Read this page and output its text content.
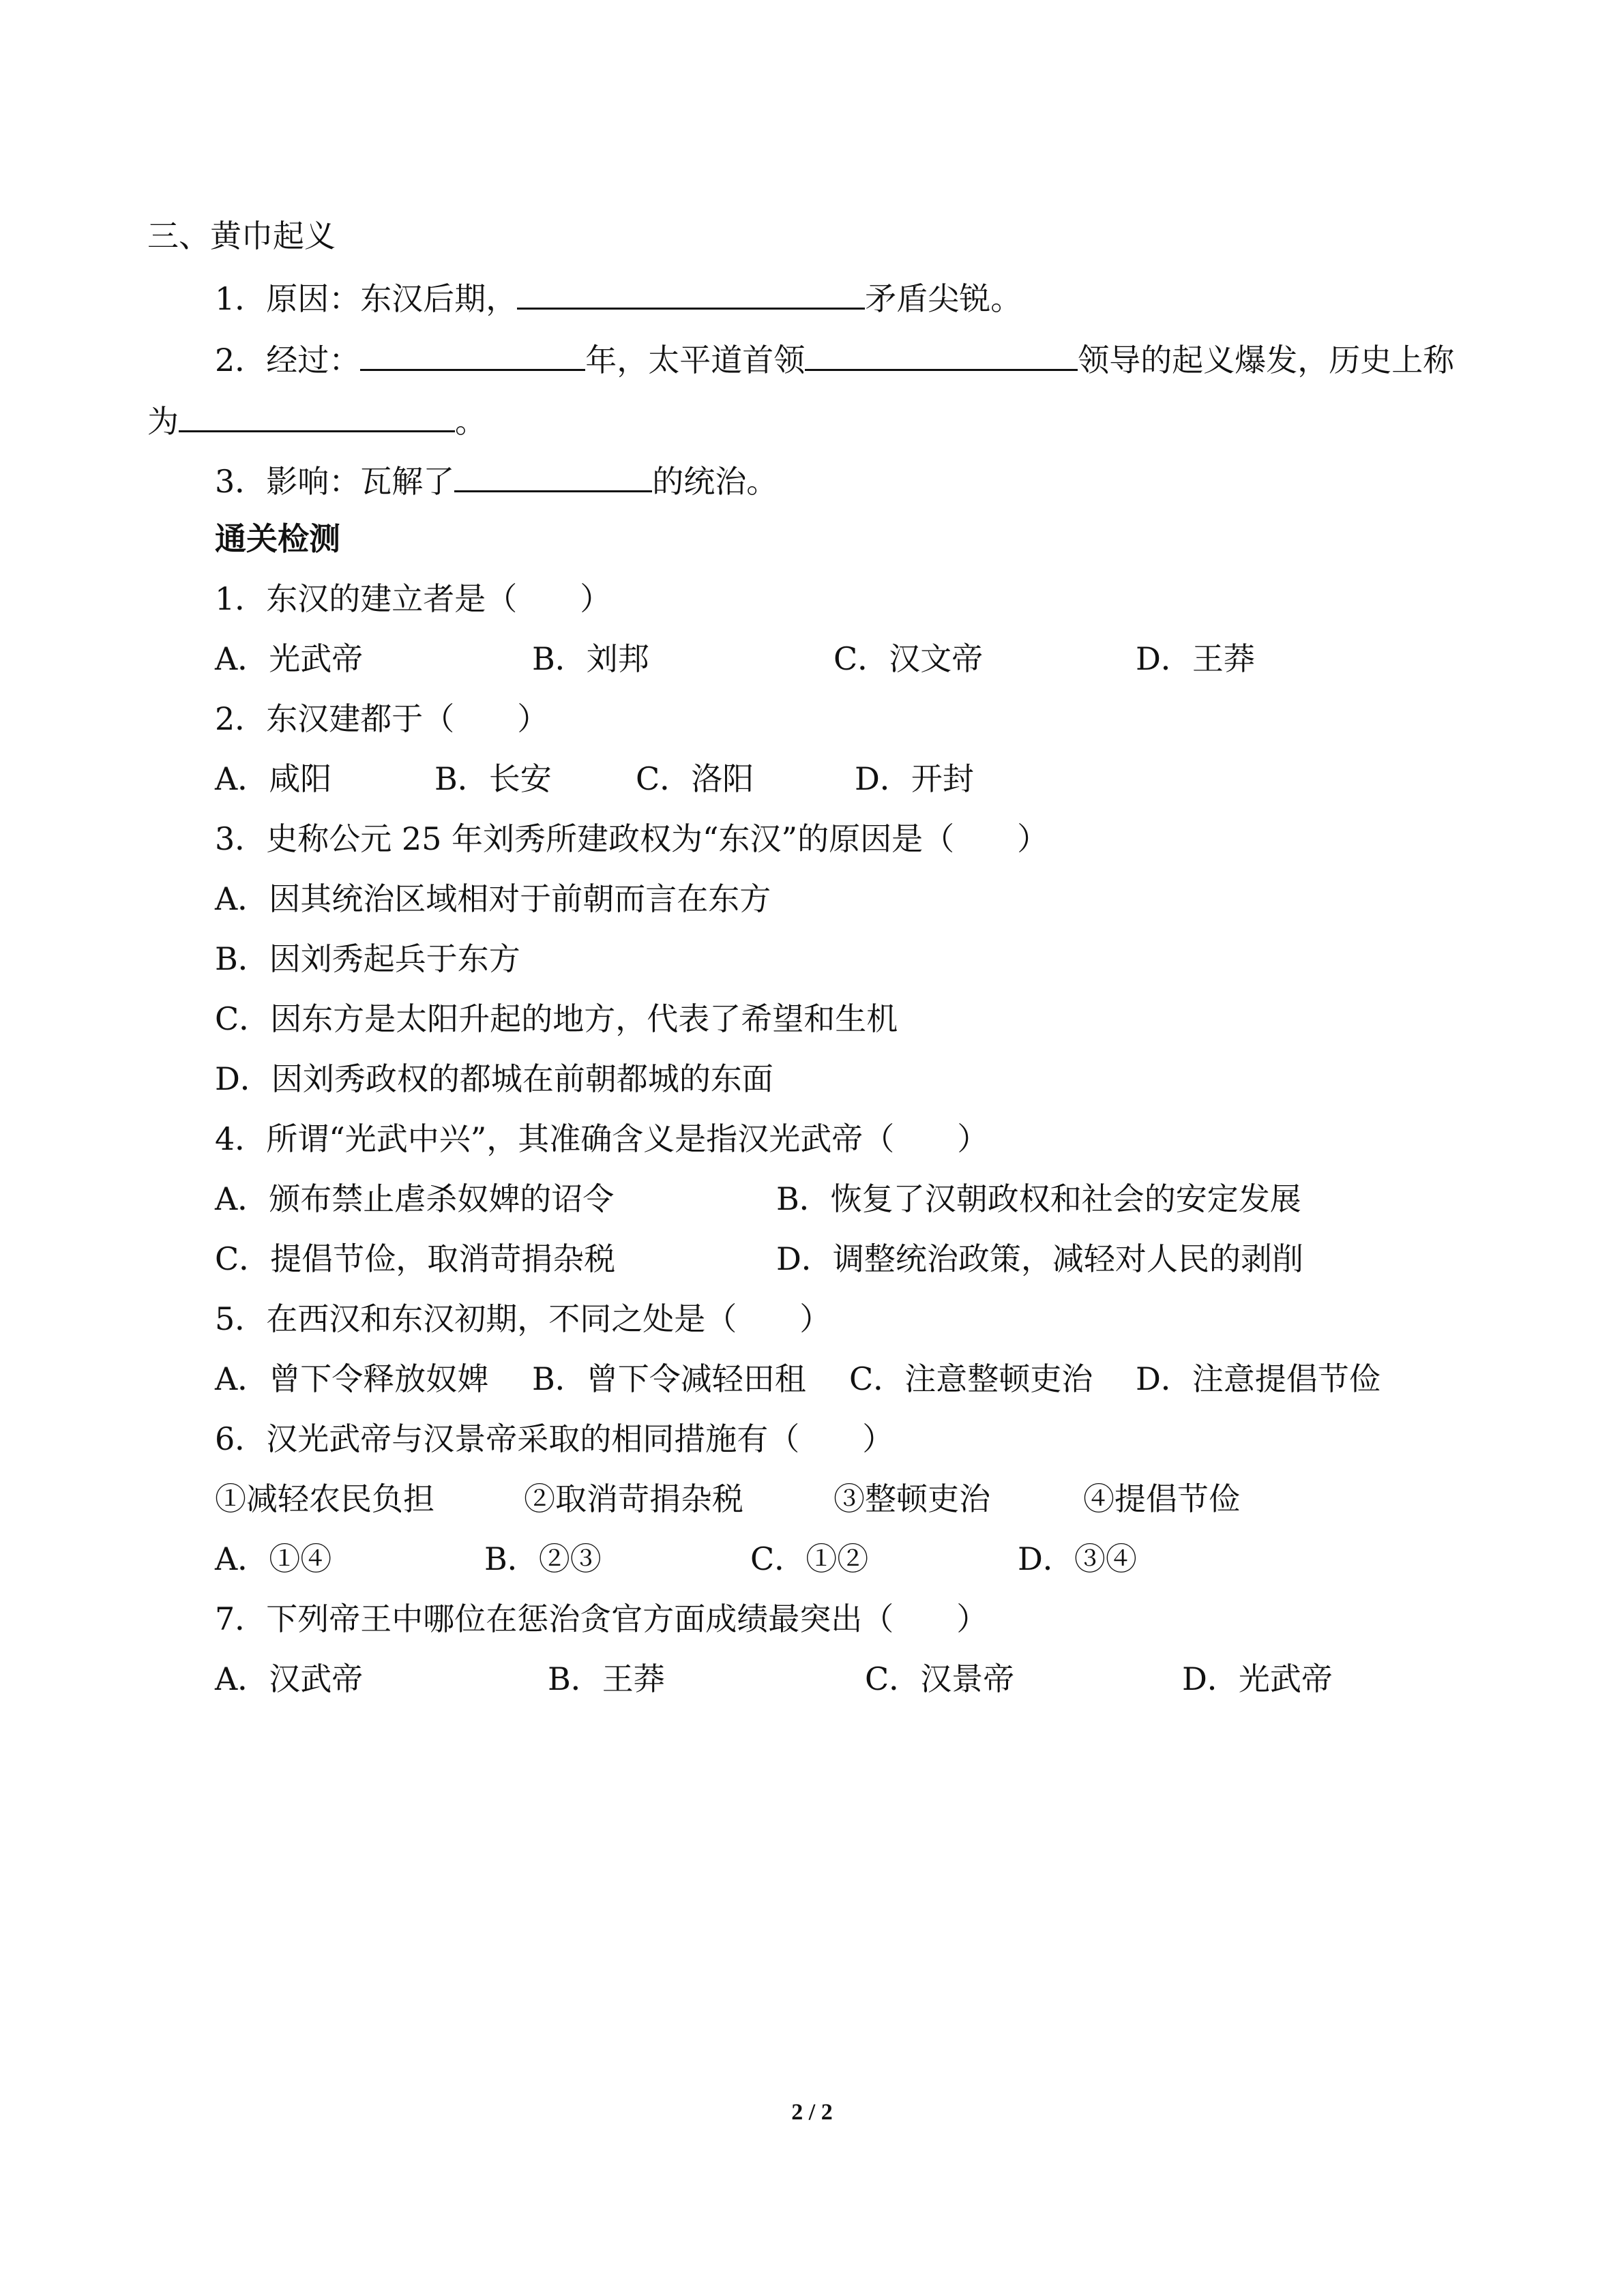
三、黄巾起义
1．原因：东汉后期，	矛盾尖锐。
2．经过：	年，太平道首领	领导的起义爆发，历史上称
为	。
3．影响：瓦解了	的统治。
通关检测
1．东汉的建立者是（　　）
A．光武帝	B．刘邦	C．汉文帝	D．王莽
2．东汉建都于（　　）
A．咸阳	B．长安	C．洛阳	D．开封
3．史称公元 25 年刘秀所建政权为“东汉”的原因是（　　）
A．因其统治区域相对于前朝而言在东方
B．因刘秀起兵于东方
C．因东方是太阳升起的地方，代表了希望和生机
D．因刘秀政权的都城在前朝都城的东面
4．所谓“光武中兴”，其准确含义是指汉光武帝（　　）
A．颁布禁止虐杀奴婢的诏令	B．恢复了汉朝政权和社会的安定发展
C．提倡节俭，取消苛捐杂税	D．调整统治政策，减轻对人民的剥削
5．在西汉和东汉初期，不同之处是（　　）
A．曾下令释放奴婢 B．曾下令减轻田租 C．注意整顿吏治 D．注意提倡节俭
6．汉光武帝与汉景帝采取的相同措施有（　　）
①减轻农民负担	②取消苛捐杂税	③整顿吏治	④提倡节俭
A．①④	B．②③	C．①②	D．③④
7．下列帝王中哪位在惩治贪官方面成绩最突出（　　）
A．汉武帝	B．王莽	C．汉景帝	D．光武帝
2 / 2
